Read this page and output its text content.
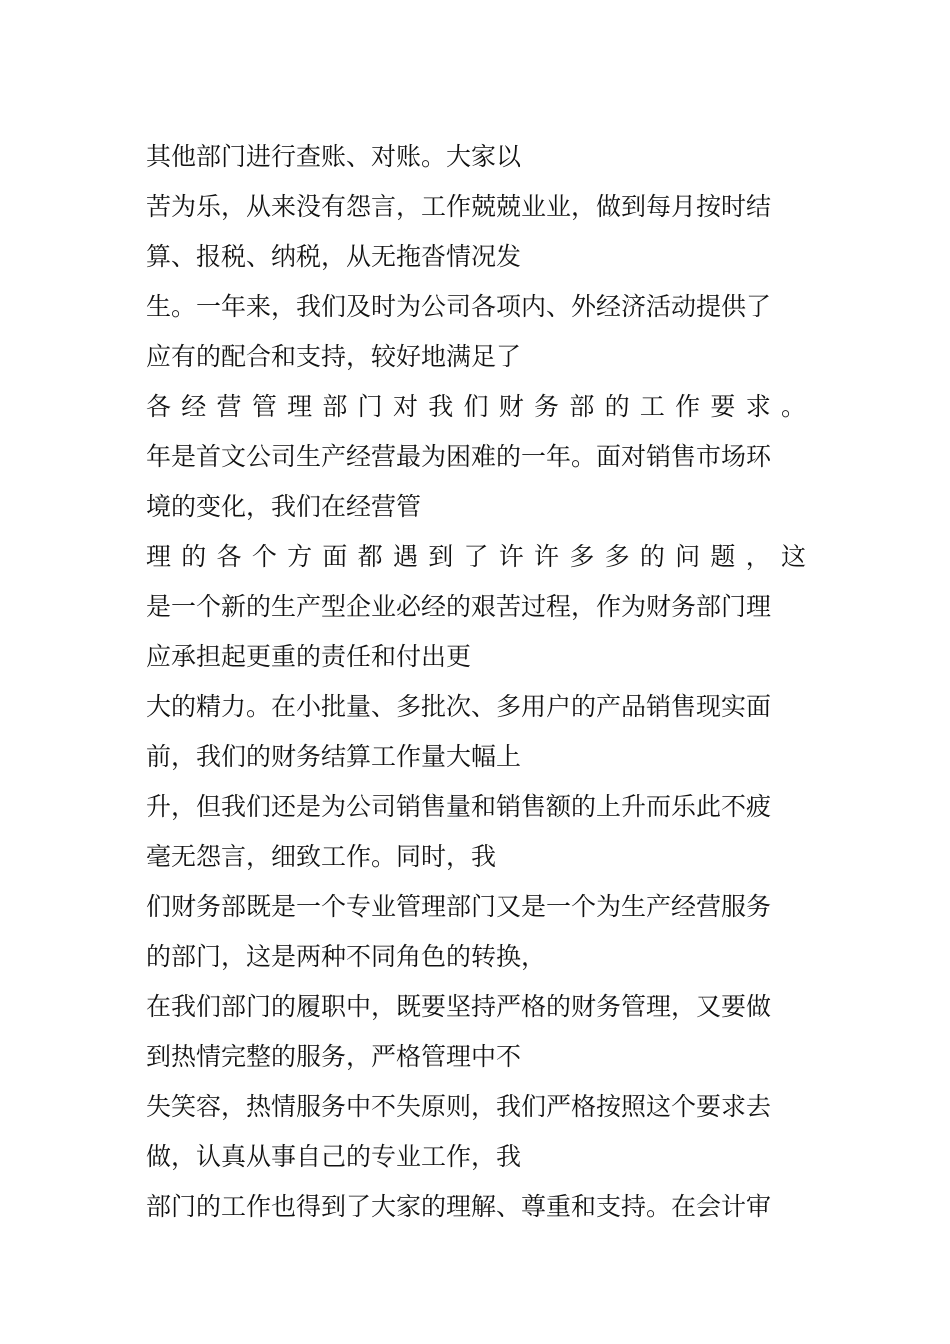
其他部门进行查账、对账。大家以
苦为乐，从来没有怨言，工作兢兢业业，做到每月按时结
算、报税、纳税，从无拖沓情况发
生。一年来，我们及时为公司各项内、外经济活动提供了
应有的配合和支持，较好地满足了
各经营管理部门对我们财务部的工作要求。
年是首文公司生产经营最为困难的一年。面对销售市场环
境的变化，我们在经营管
理的各个方面都遇到了许许多多的问题，这
是一个新的生产型企业必经的艰苦过程，作为财务部门理
应承担起更重的责任和付出更
大的精力。在小批量、多批次、多用户的产品销售现实面
前，我们的财务结算工作量大幅上
升，但我们还是为公司销售量和销售额的上升而乐此不疲
毫无怨言，细致工作。同时，我
们财务部既是一个专业管理部门又是一个为生产经营服务
的部门，这是两种不同角色的转换，
在我们部门的履职中，既要坚持严格的财务管理，又要做
到热情完整的服务，严格管理中不
失笑容，热情服务中不失原则，我们严格按照这个要求去
做，认真从事自己的专业工作，我
部门的工作也得到了大家的理解、尊重和支持。在会计审
